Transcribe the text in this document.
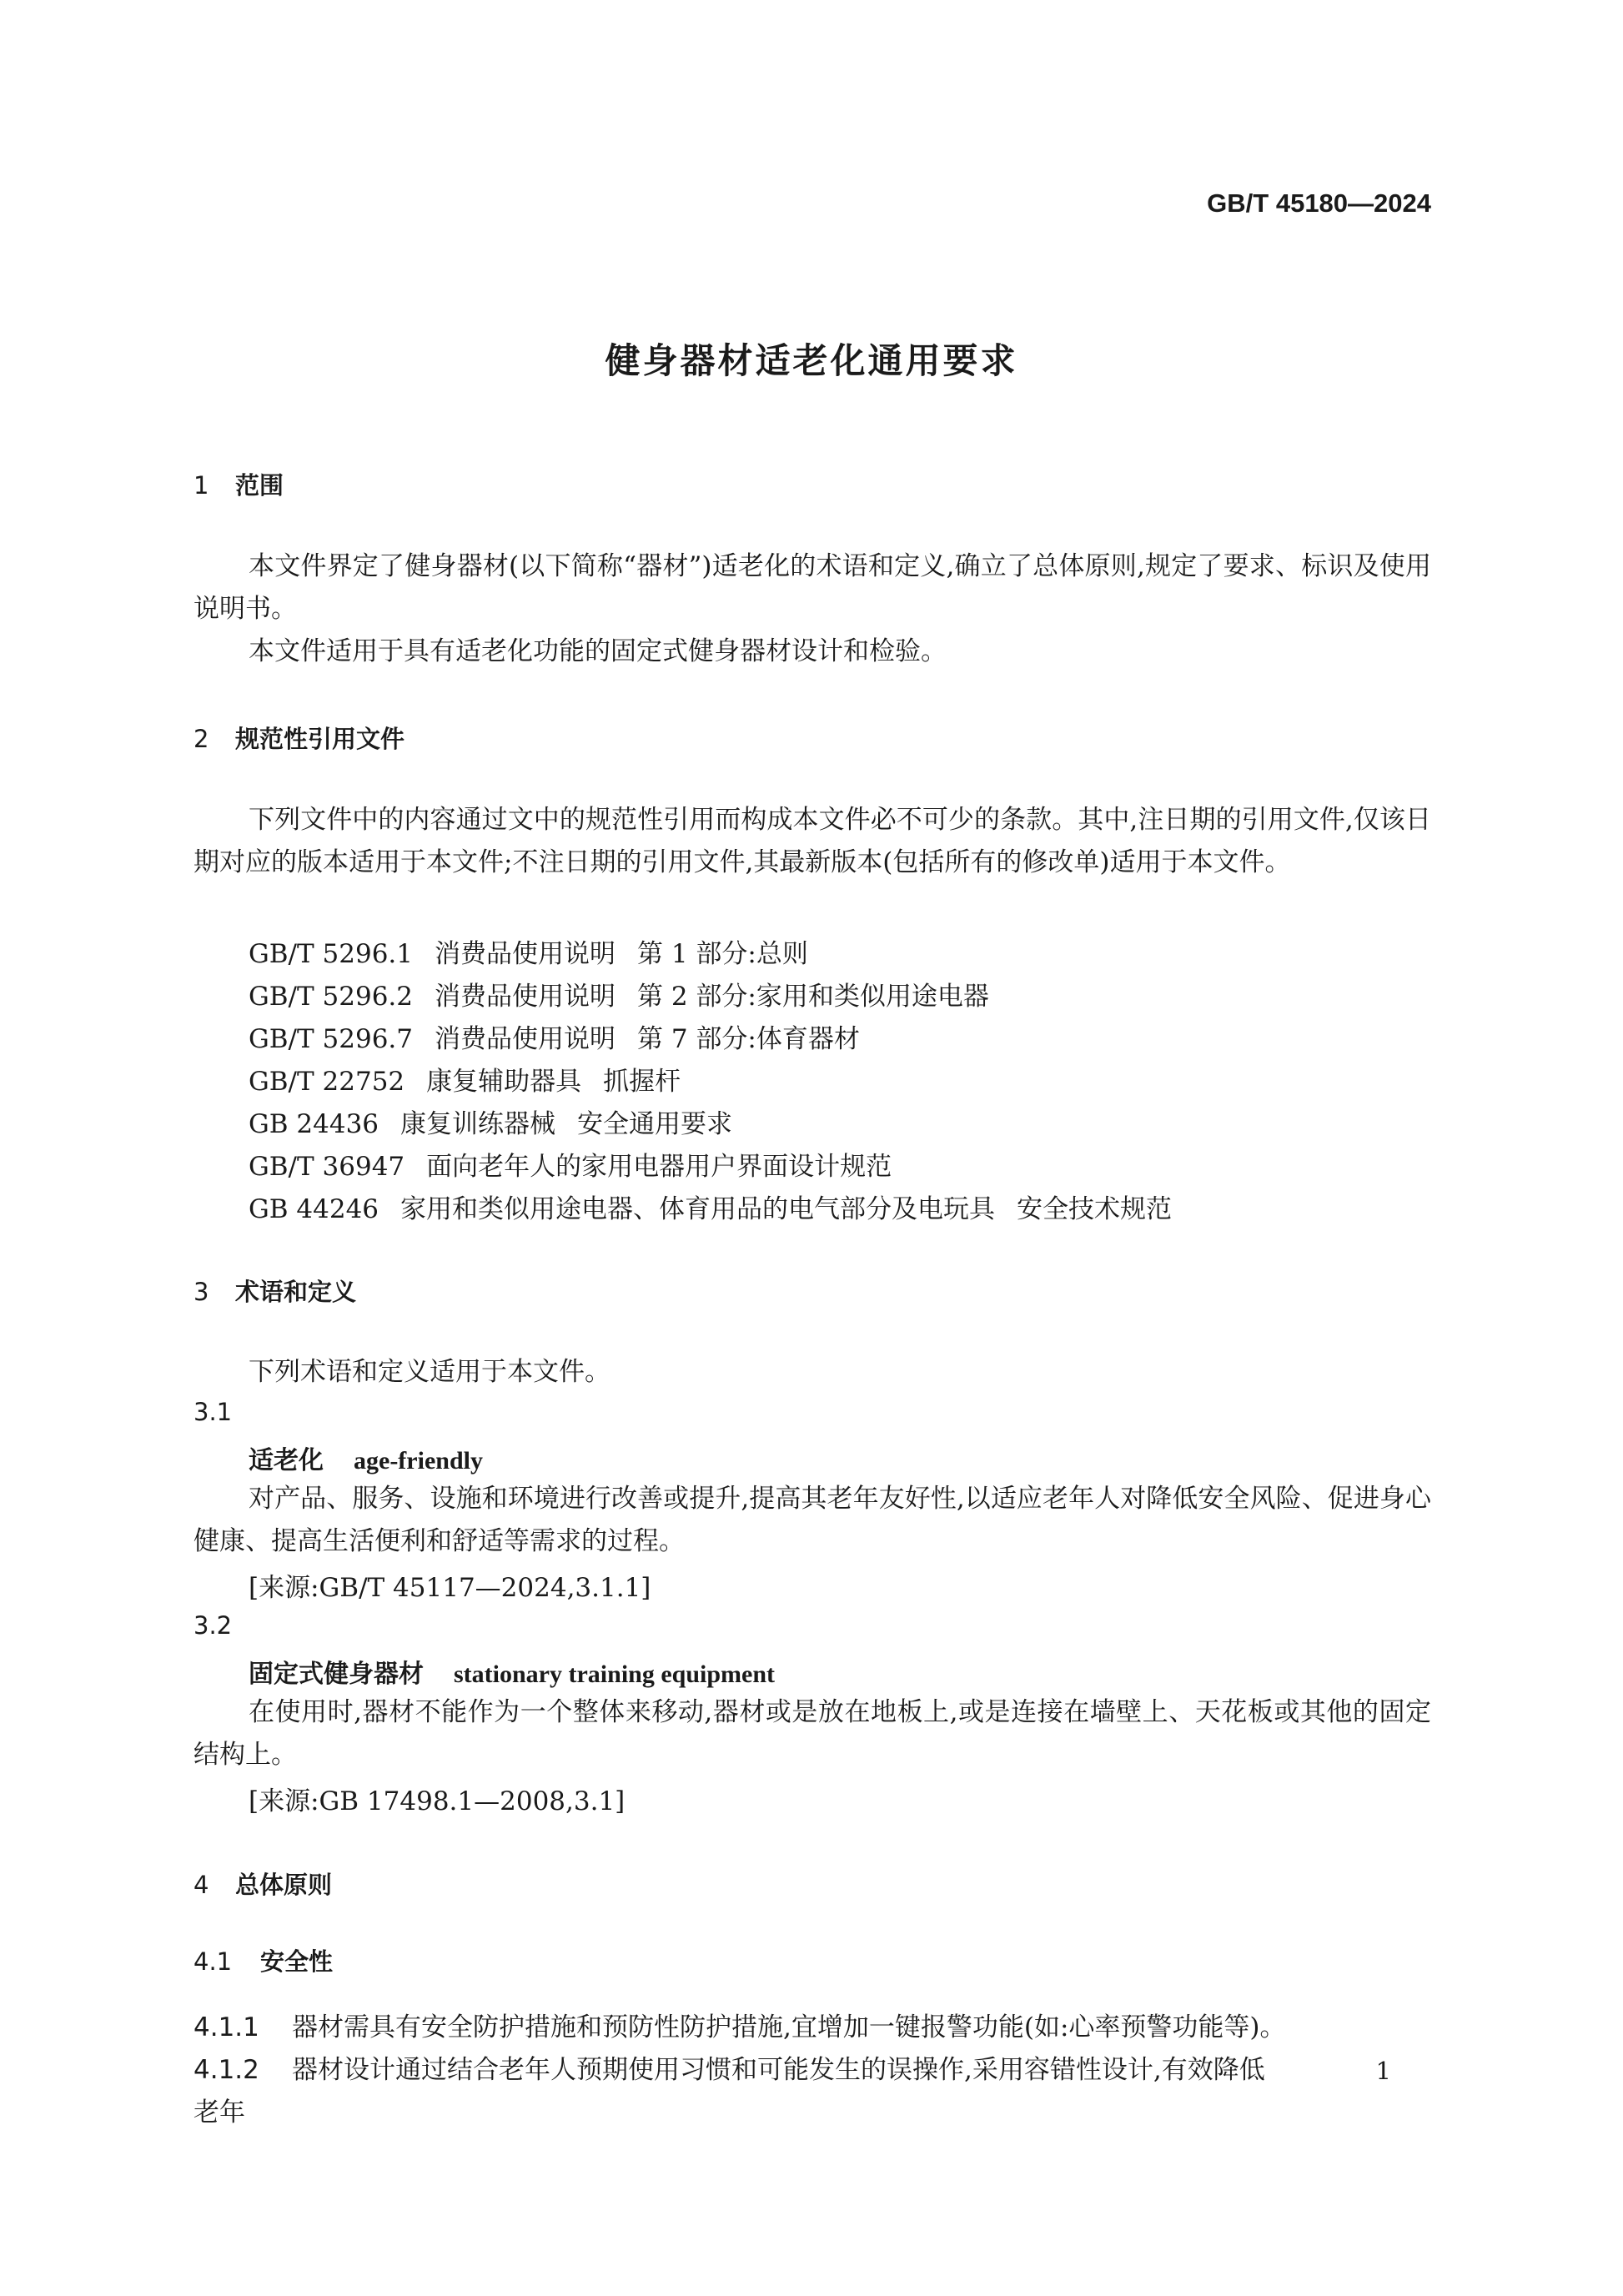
GB/T 45180—2024
健身器材适老化通用要求
1 范围
本文件界定了健身器材(以下简称“器材”)适老化的术语和定义,确立了总体原则,规定了要求、标识及使用说明书。
本文件适用于具有适老化功能的固定式健身器材设计和检验。
2 规范性引用文件
下列文件中的内容通过文中的规范性引用而构成本文件必不可少的条款。其中,注日期的引用文件,仅该日期对应的版本适用于本文件;不注日期的引用文件,其最新版本(包括所有的修改单)适用于本文件。
GB/T 5296.1 消费品使用说明 第 1 部分:总则
GB/T 5296.2 消费品使用说明 第 2 部分:家用和类似用途电器
GB/T 5296.7 消费品使用说明 第 7 部分:体育器材
GB/T 22752 康复辅助器具 抓握杆
GB 24436 康复训练器械 安全通用要求
GB/T 36947 面向老年人的家用电器用户界面设计规范
GB 44246 家用和类似用途电器、体育用品的电气部分及电玩具 安全技术规范
3 术语和定义
下列术语和定义适用于本文件。
3.1
适老化 age-friendly
对产品、服务、设施和环境进行改善或提升,提高其老年友好性,以适应老年人对降低安全风险、促进身心健康、提高生活便利和舒适等需求的过程。
[来源:GB/T 45117—2024,3.1.1]
3.2
固定式健身器材 stationary training equipment
在使用时,器材不能作为一个整体来移动,器材或是放在地板上,或是连接在墙壁上、天花板或其他的固定结构上。
[来源:GB 17498.1—2008,3.1]
4 总体原则
4.1 安全性
4.1.1 器材需具有安全防护措施和预防性防护措施,宜增加一键报警功能(如:心率预警功能等)。
4.1.2 器材设计通过结合老年人预期使用习惯和可能发生的误操作,采用容错性设计,有效降低老年
1
